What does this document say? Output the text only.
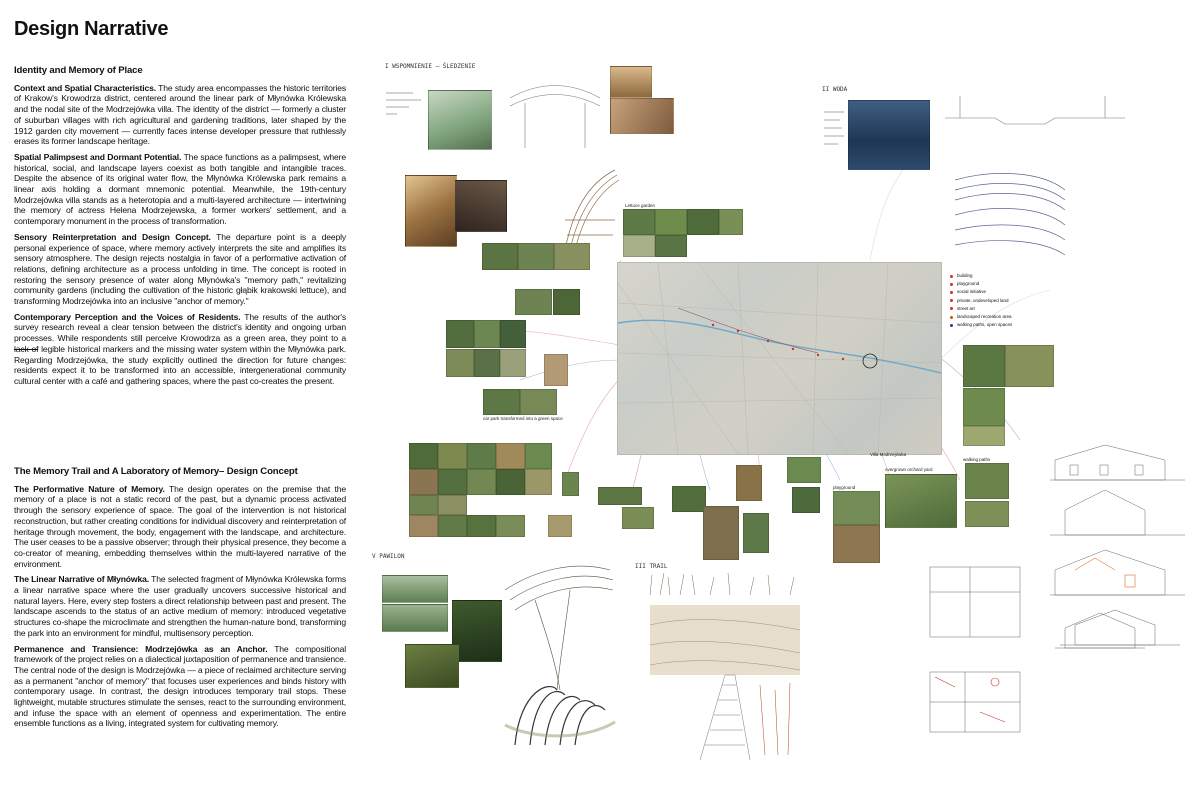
Design Narrative
Identity and Memory of Place

Context and Spatial Characteristics. The study area encompasses the historic territories of Krakow's Krowodrza district, centered around the linear park of Młynówka Królewska and the nodal site of the Modrzejówka villa. The identity of the district — formerly a cluster of suburban villages with rich agricultural and gardening traditions, later shaped by the 1912 garden city movement — currently faces intense developer pressure that ruthlessly erases its former landscape heritage.

Spatial Palimpsest and Dormant Potential. The space functions as a palimpsest, where historical, social, and landscape layers coexist as both tangible and intangible traces. Despite the absence of its original water flow, the Młynówka Królewska park remains a linear axis holding a dormant mnemonic potential. Meanwhile, the 19th-century Modrzejówka villa stands as a heterotopia and a multi-layered architecture — intertwining the memory of actress Helena Modrzejewska, a former workers' settlement, and a contemporary monument in the process of transformation.

Sensory Reinterpretation and Design Concept. The departure point is a deeply personal experience of space, where memory actively interprets the site and amplifies its sensory atmosphere. The design rejects nostalgia in favor of a performative activation of relations, defining architecture as a process unfolding in time. The concept is rooted in restoring the sensory presence of water along Młynówka's "memory path," revitalizing community gardens (including the cultivation of the historic głąbik krakowski lettuce), and transforming Modrzejówka into an inclusive "anchor of memory."

Contemporary Perception and the Voices of Residents. The results of the author's survey research reveal a clear tension between the district's identity and ongoing urban processes. While respondents still perceive Krowodrza as a green area, they point to a lack of legible historical markers and the missing water system within the Młynówka park. Regarding Modrzejówka, the study explicitly outlined the direction for future changes: residents expect it to be transformed into an accessible, intergenerational community cultural center with a café and gathering spaces, where the past co-creates the present.

The Memory Trail and A Laboratory of Memory– Design Concept

The Performative Nature of Memory. The design operates on the premise that the memory of a place is not a static record of the past, but a dynamic process activated through the sensory experience of space. The goal of the intervention is not historical reconstruction, but rather creating conditions for individual discovery and reinterpretation of heritage through movement, the body, engagement with the landscape, and architecture. The user ceases to be a passive observer; through their physical presence, they become a co-creator of meaning, embedding themselves within the multi-layered narrative of the environment.

The Linear Narrative of Młynówka. The selected fragment of Młynówka Królewska forms a linear narrative space where the user gradually uncovers successive historical and natural layers. Here, every step fosters a direct relationship between past and present. The landscape ascends to the status of an active medium of memory: introduced vegetative structures co-shape the microclimate and strengthen the human-nature bond, transforming the park into an environment for mindful, multisensory perception.

Permanence and Transience: Modrzejówka as an Anchor. The compositional framework of the project relies on a dialectical juxtaposition of permanence and transience. The central node of the design is Modrzejówka — a piece of reclaimed architecture serving as a permanent "anchor of memory" that focuses user experiences and binds history with contemporary usage. In contrast, the design introduces temporary trail stops. These lightweight, mutable structures stimulate the senses, react to the surrounding environment, and infuse the space with an element of openness and experimentation. The entire ensemble functions as a living, integrated system for cultivating memory.

I WSPOMNIENIE — ŚLEDZENIE
Lettuce garden
car park transformed into a green space
Villa Modrzejówka
building
playground
social initiative
private, undeveloped land
street art
landscaped recreation area
walking paths, open spaces
II WODA
playground
overgrown orchard yard
walking paths
V PAWILON
III TRAIL
